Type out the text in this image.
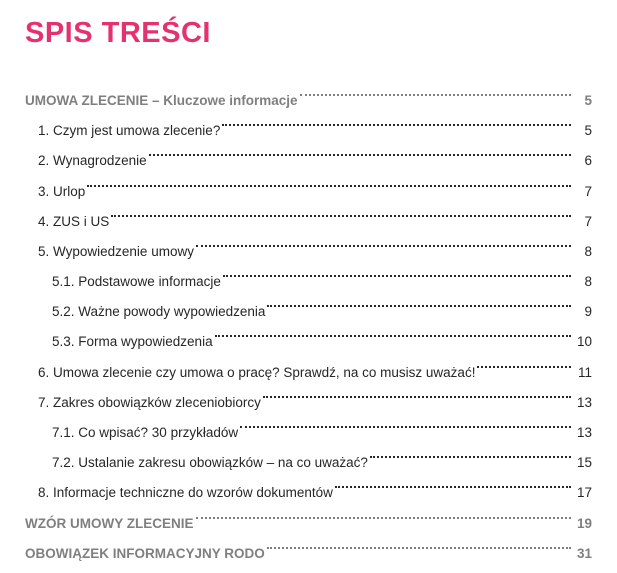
SPIS TREŚCI
UMOWA ZLECENIE – Kluczowe informacje	5
1. Czym jest umowa zlecenie?	5
2. Wynagrodzenie	6
3. Urlop	7
4. ZUS i US	7
5. Wypowiedzenie umowy	8
5.1. Podstawowe informacje	8
5.2. Ważne powody wypowiedzenia	9
5.3. Forma wypowiedzenia	10
6. Umowa zlecenie czy umowa o pracę? Sprawdź, na co musisz uważać!	11
7. Zakres obowiązków zleceniobiorcy	13
7.1. Co wpisać? 30 przykładów	13
7.2. Ustalanie zakresu obowiązków – na co uważać?	15
8. Informacje techniczne do wzorów dokumentów	17
WZÓR UMOWY ZLECENIE	19
OBOWIĄZEK INFORMACYJNY RODO	31
